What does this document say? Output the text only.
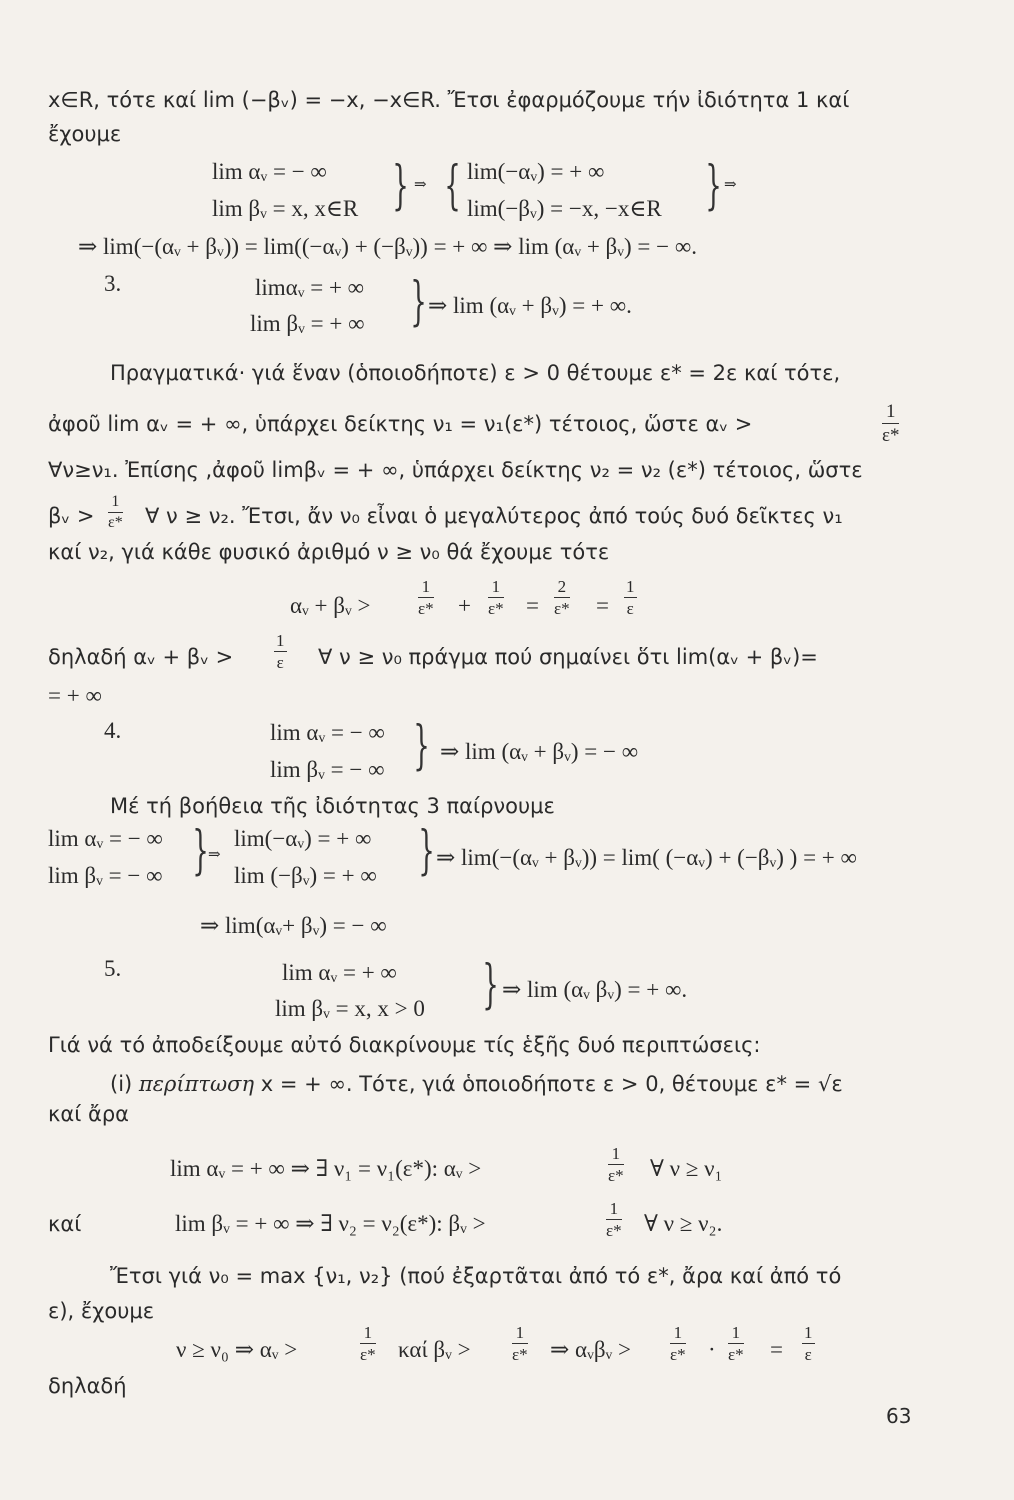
x∈R, τότε καί lim (−βᵥ) = −x, −x∈R. Ἔτσι ἐφαρμόζουμε τήν ἰδιότητα 1 καί
ἔχουμε
lim αᵥ = − ∞
lim βᵥ = x, x∈R } ⇒ { lim(−αᵥ) = + ∞
lim(−βᵥ) = −x, −x∈R } ⇒
⇒ lim(−(αᵥ + βᵥ)) = lim((−αᵥ) + (−βᵥ)) = + ∞ ⇒ lim (αᵥ + βᵥ) = − ∞.
3.	limαᵥ = + ∞
lim βᵥ = + ∞ } ⇒ lim (αᵥ + βᵥ) = + ∞.
Πραγματικά· γιά ἕναν (ὁποιοδήποτε) ε > 0 θέτουμε ε* = 2ε καί τότε,
ἀφοῦ lim αᵥ = + ∞, ὑπάρχει δείκτης ν₁ = ν₁(ε*) τέτοιος, ὥστε αᵥ >
1
ε*
∀ν≥ν₁. Ἐπίσης ,ἀφοῦ limβᵥ = + ∞, ὑπάρχει δείκτης ν₂ = ν₂ (ε*) τέτοιος, ὥστε
βᵥ >
1
ε* ∀ ν ≥ ν₂. Ἔτσι, ἄν ν₀ εἶναι ὁ μεγαλύτερος ἀπό τούς δυό δεῖκτες ν₁
καί ν₂, γιά κάθε φυσικό ἀριθμό ν ≥ ν₀ θά ἔχουμε τότε
αᵥ + βᵥ >
1
ε* +
1
ε* =
2
ε* =
1
ε
δηλαδή αᵥ + βᵥ >
1
ε ∀ ν ≥ ν₀ πράγμα πού σημαίνει ὅτι lim(αᵥ + βᵥ)=
= + ∞
4.	lim αᵥ = − ∞
lim βᵥ = − ∞ } ⇒ lim (αᵥ + βᵥ) = − ∞
Μέ τή βοήθεια τῆς ἰδιότητας 3 παίρνουμε
lim αᵥ = − ∞
lim βᵥ = − ∞ } ⇒
lim(−αᵥ) = + ∞
lim (−βᵥ) = + ∞ } ⇒ lim(−(αᵥ + βᵥ)) = lim( (−αᵥ) + (−βᵥ) ) = + ∞
⇒ lim(αᵥ+ βᵥ) = − ∞
5.	lim αᵥ = + ∞
lim βᵥ = x, x > 0 } ⇒ lim (αᵥ βᵥ) = + ∞.
Γιά νά τό ἀποδείξουμε αὐτό διακρίνουμε τίς ἑξῆς δυό περιπτώσεις:
(i) περίπτωση x = + ∞. Τότε, γιά ὁποιοδήποτε ε > 0, θέτουμε ε* = √ε
καί ἄρα
lim αᵥ = + ∞ ⇒ ∃ ν₁ = ν₁(ε*): αᵥ >
1
ε* ∀ ν ≥ ν₁
καί	lim βᵥ = + ∞ ⇒ ∃ ν₂ = ν₂(ε*): βᵥ >
1
ε* ∀ ν ≥ ν₂.
Ἔτσι γιά ν₀ = max {ν₁, ν₂} (πού ἐξαρτᾶται ἀπό τό ε*, ἄρα καί ἀπό τό
ε), ἔχουμε
ν ≥ ν₀ ⇒ αᵥ >
1
ε* καί βᵥ >
1
ε* ⇒ αᵥβᵥ >
1
ε* ·
1
ε* =
1
ε
δηλαδή
63
